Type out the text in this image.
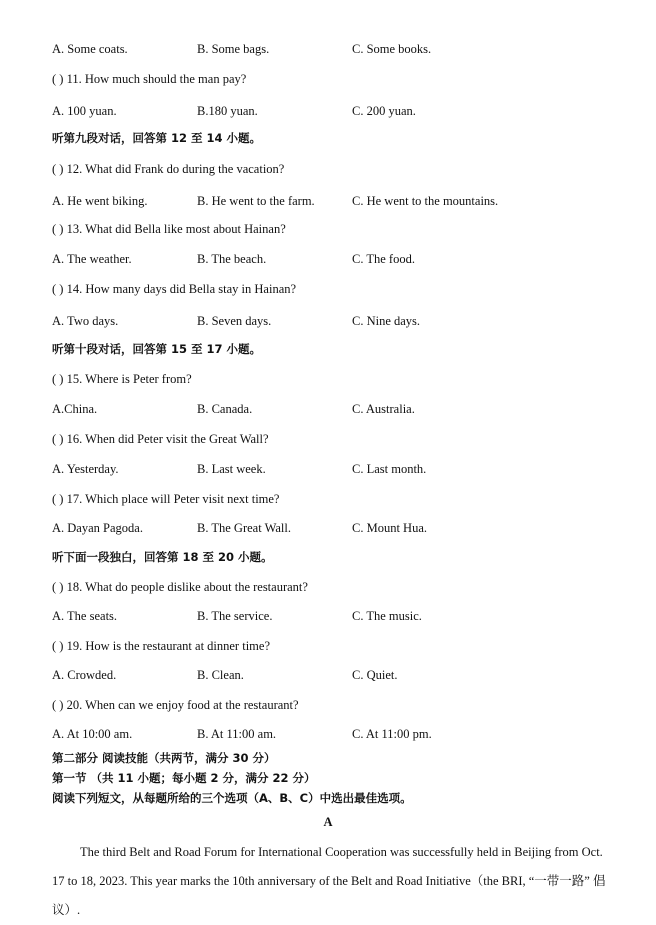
A. Some coats.	B. Some bags.	C. Some books.
( ) 11. How much should the man pay?
A. 100 yuan.	B.180 yuan.	C. 200 yuan.
听第九段对话，回答第 12 至 14 小题。
( ) 12. What did Frank do during the vacation?
A. He went biking.	B. He went to the farm.	C. He went to the mountains.
( ) 13. What did Bella like most about Hainan?
A. The weather.	B. The beach.	C. The food.
( ) 14. How many days did Bella stay in Hainan?
A. Two days.	B. Seven days.	C. Nine days.
听第十段对话，回答第 15 至 17 小题。
( ) 15. Where is Peter from?
A.China.	B. Canada.	C. Australia.
( ) 16. When did Peter visit the Great Wall?
A. Yesterday.	B. Last week.	C. Last month.
( ) 17. Which place will Peter visit next time?
A. Dayan Pagoda.	B. The Great Wall.	C. Mount Hua.
听下面一段独白，回答第 18 至 20 小题。
( ) 18. What do people dislike about the restaurant?
A. The seats.	B. The service.	C. The music.
( ) 19. How is the restaurant at dinner time?
A. Crowded.	B. Clean.	C. Quiet.
( ) 20. When can we enjoy food at the restaurant?
A. At 10:00 am.	B. At 11:00 am.	C. At 11:00 pm.
第二部分 阅读技能（共两节，满分 30 分）
第一节 （共 11 小题；每小题 2 分，满分 22 分）
阅读下列短文，从每题所给的三个选项（A、B、C）中选出最佳选项。
A
The third Belt and Road Forum for International Cooperation was successfully held in Beijing from Oct. 17 to 18, 2023. This year marks the 10th anniversary of the Belt and Road Initiative（the BRI, “一带一路” 倡议）.
